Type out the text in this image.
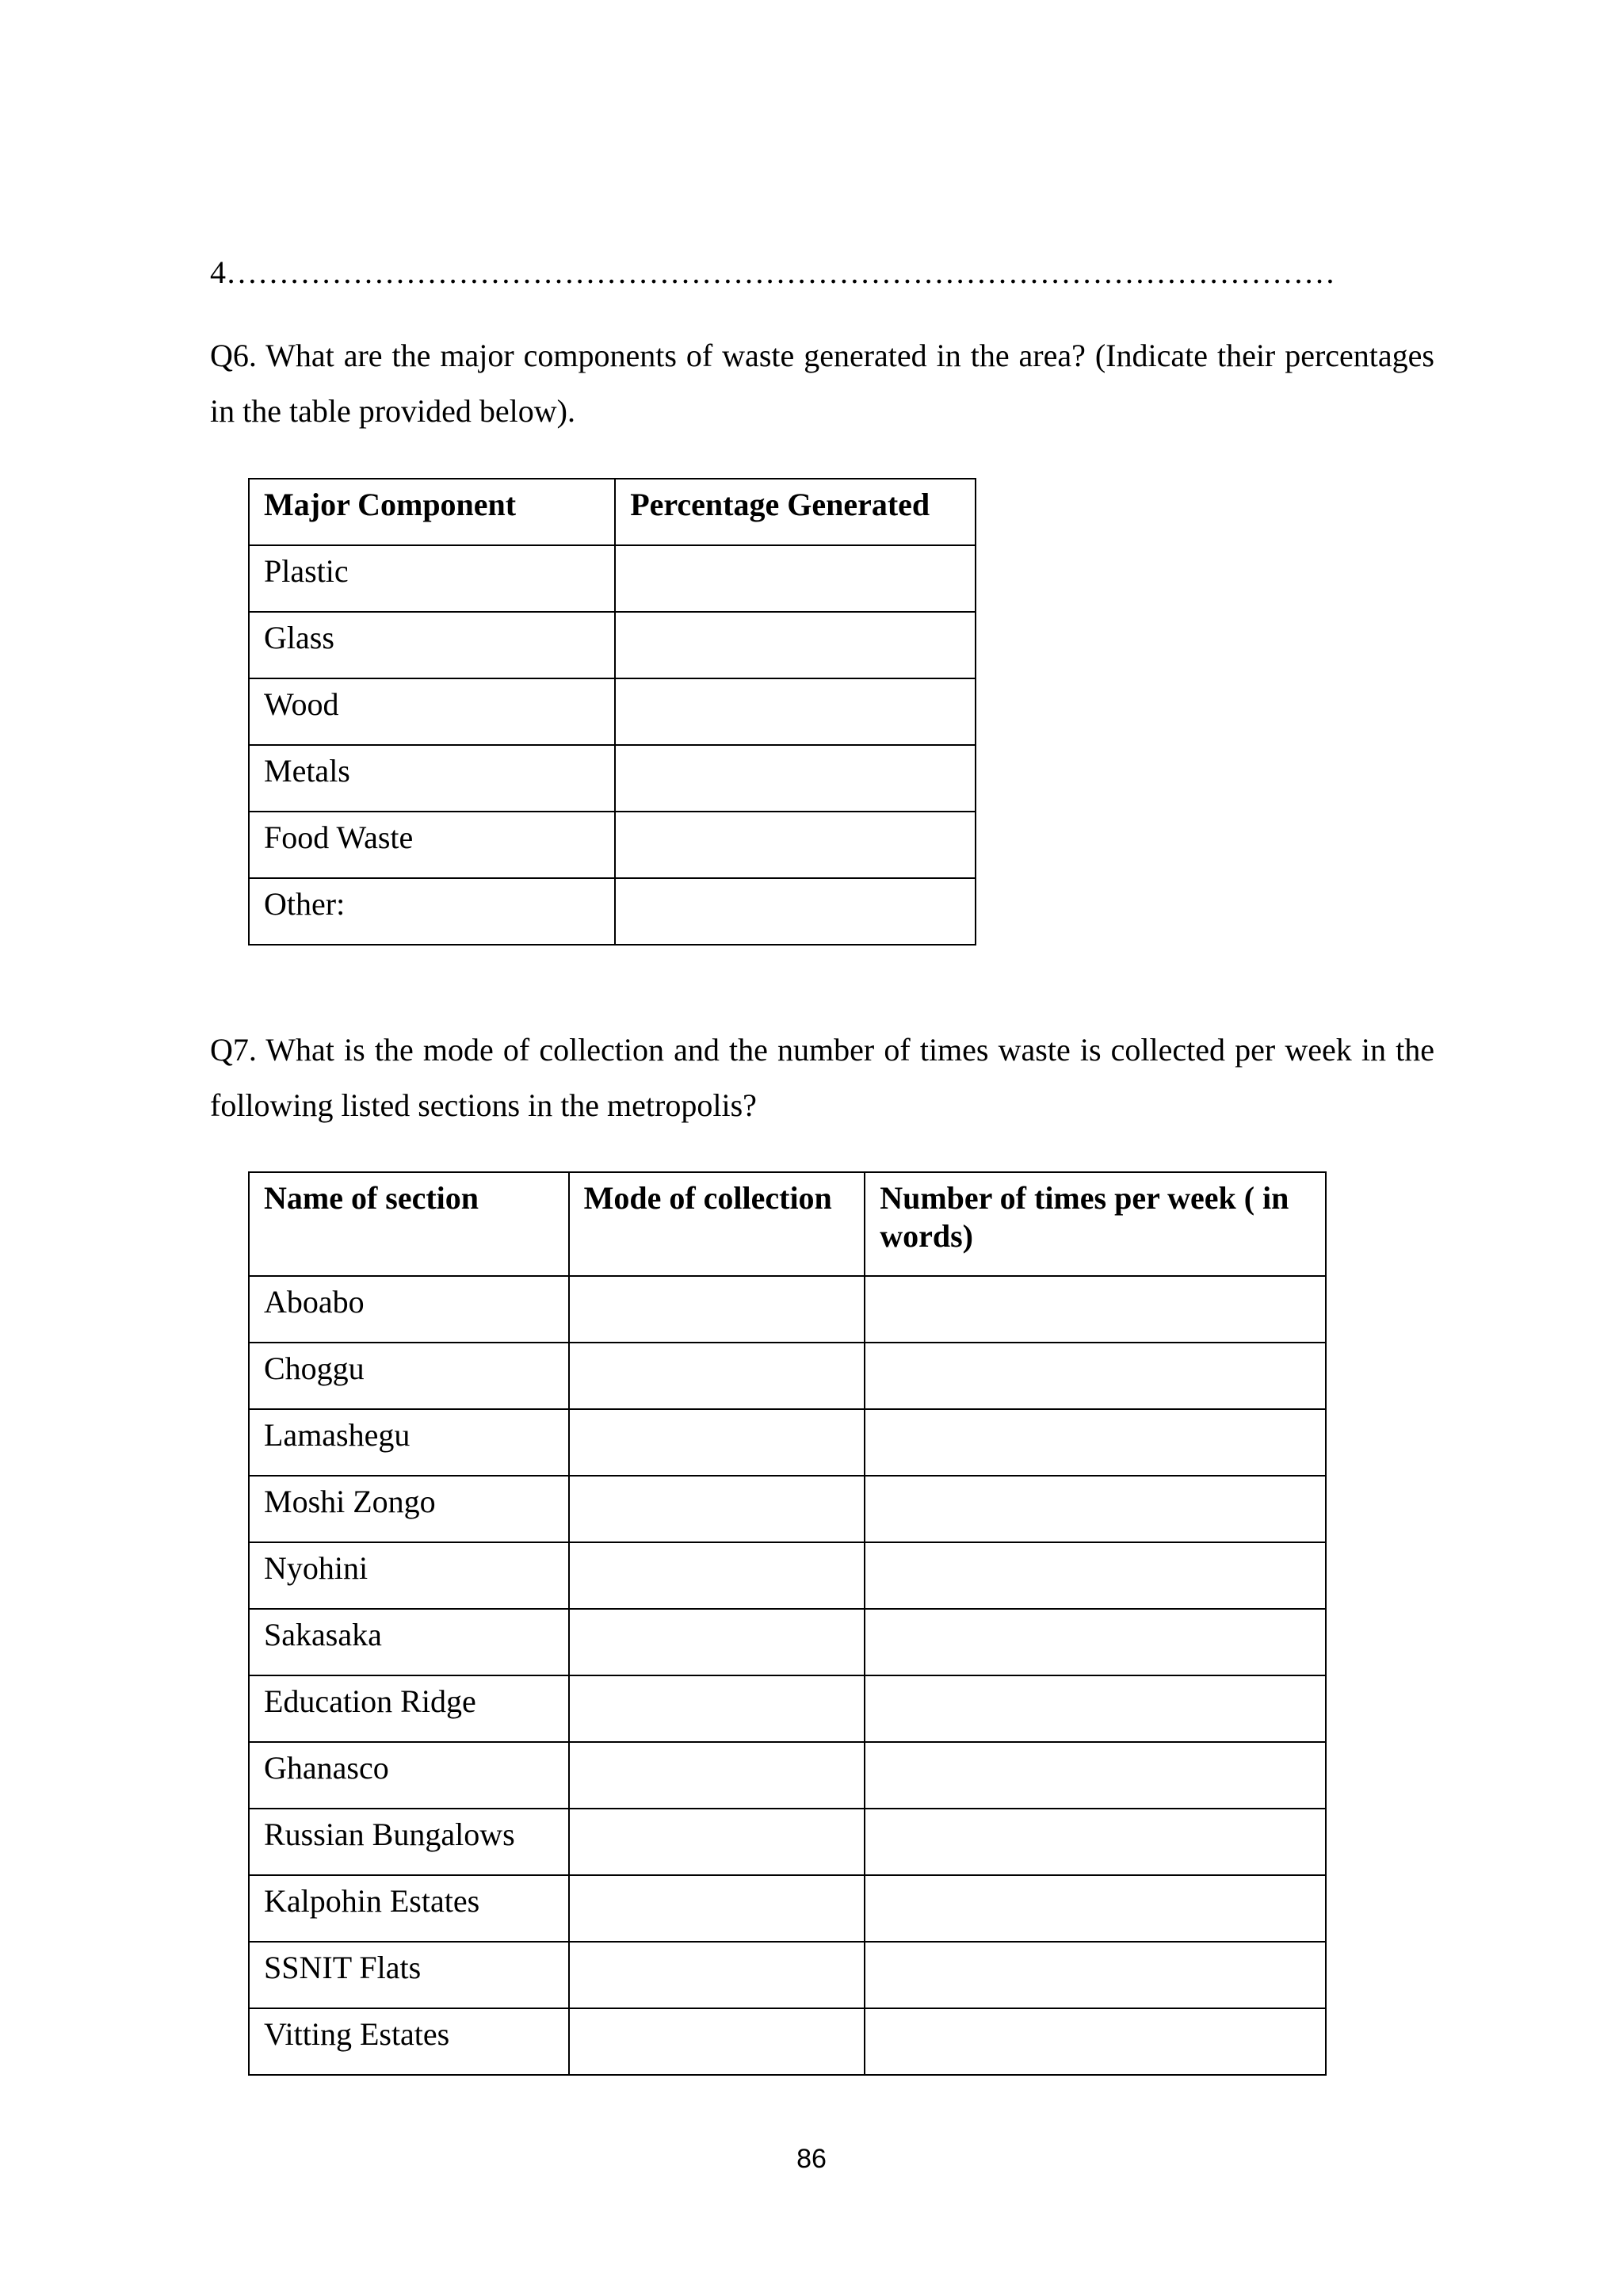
4……………………………………………………………………………………………
Q6. What are the major components of waste generated in the area? (Indicate their percentages in the table provided below).
Major Component	Percentage Generated
Plastic	
Glass	
Wood	
Metals	
Food Waste	
Other:	
Q7. What is the mode of collection and the number of times waste is collected per week in the following listed sections in the metropolis?
Name of section	Mode of collection	Number of times per week ( in words)
Aboabo		
Choggu		
Lamashegu		
Moshi Zongo		
Nyohini		
Sakasaka		
Education Ridge		
Ghanasco		
Russian Bungalows		
Kalpohin Estates		
SSNIT Flats		
Vitting Estates		
86
